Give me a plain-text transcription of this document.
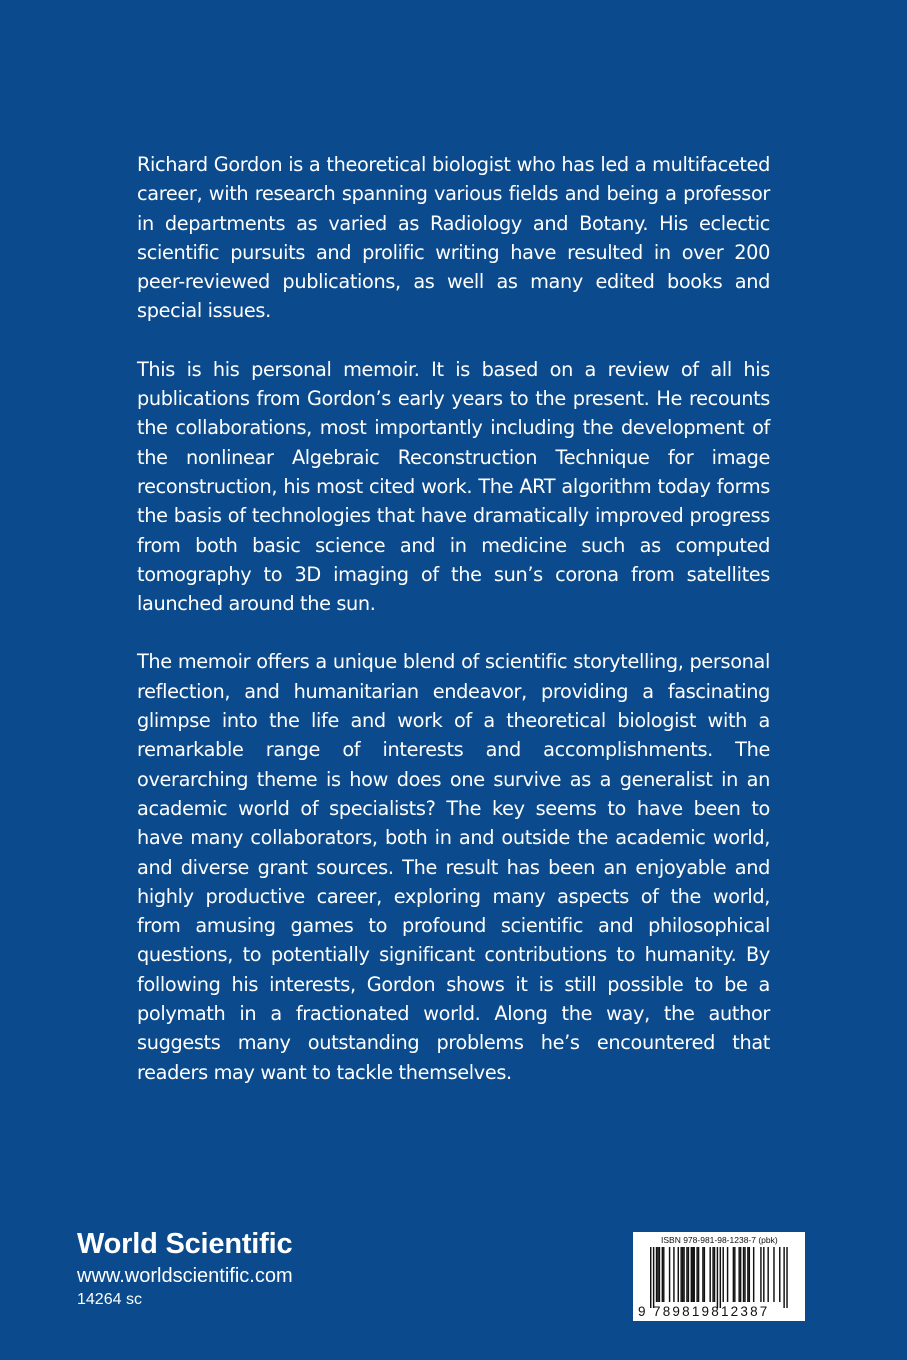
Richard Gordon is a theoretical biologist who has led a multifaceted career, with research spanning various fields and being a professor in departments as varied as Radiology and Botany. His eclectic scientific pursuits and prolific writing have resulted in over 200 peer-reviewed publications, as well as many edited books and special issues.

This is his personal memoir. It is based on a review of all his publications from Gordon’s early years to the present. He recounts the collaborations, most importantly including the development of the nonlinear Algebraic Reconstruction Technique for image reconstruction, his most cited work. The ART algorithm today forms the basis of technologies that have dramatically improved progress from both basic science and in medicine such as computed tomography to 3D imaging of the sun’s corona from satellites launched around the sun.

The memoir offers a unique blend of scientific storytelling, personal reflection, and humanitarian endeavor, providing a fascinating glimpse into the life and work of a theoretical biologist with a remarkable range of interests and accomplishments. The overarching theme is how does one survive as a generalist in an academic world of specialists? The key seems to have been to have many collaborators, both in and outside the academic world, and diverse grant sources. The result has been an enjoyable and highly productive career, exploring many aspects of the world, from amusing games to profound scientific and philosophical questions, to potentially significant contributions to humanity. By following his interests, Gordon shows it is still possible to be a polymath in a fractionated world. Along the way, the author suggests many outstanding problems he’s encountered that readers may want to tackle themselves.

World Scientific
www.worldscientific.com
14264 sc
9 789819812387
ISBN 978-981-98-1238-7 (pbk)
